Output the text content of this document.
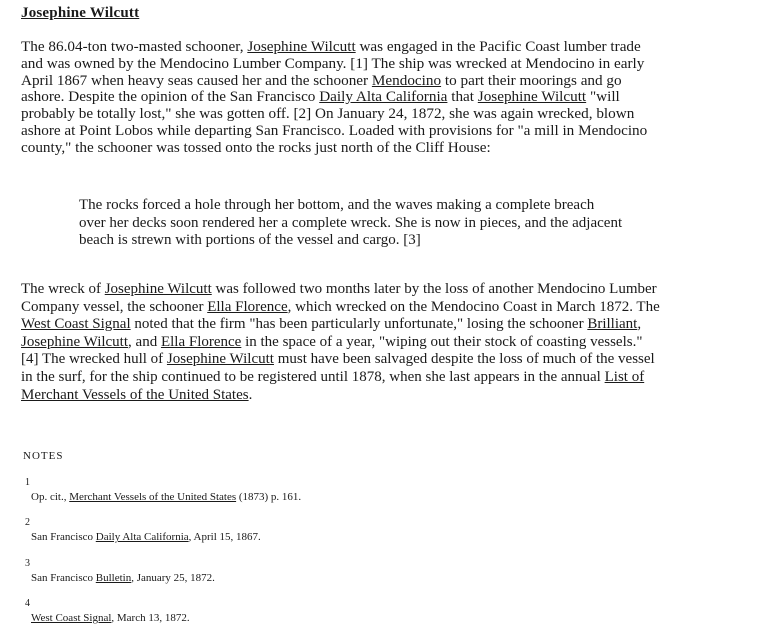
Josephine Wilcutt

The 86.04-ton two-masted schooner, Josephine Wilcutt was engaged in the Pacific Coast lumber trade and was owned by the Mendocino Lumber Company. [1] The ship was wrecked at Mendocino in early April 1867 when heavy seas caused her and the schooner Mendocino to part their moorings and go ashore. Despite the opinion of the San Francisco Daily Alta California that Josephine Wilcutt "will probably be totally lost," she was gotten off. [2] On January 24, 1872, she was again wrecked, blown ashore at Point Lobos while departing San Francisco. Loaded with provisions for "a mill in Mendocino county," the schooner was tossed onto the rocks just north of the Cliff House:

The rocks forced a hole through her bottom, and the waves making a complete breach over her decks soon rendered her a complete wreck. She is now in pieces, and the adjacent beach is strewn with portions of the vessel and cargo. [3]

The wreck of Josephine Wilcutt was followed two months later by the loss of another Mendocino Lumber Company vessel, the schooner Ella Florence, which wrecked on the Mendocino Coast in March 1872. The West Coast Signal noted that the firm "has been particularly unfortunate," losing the schooner Brilliant, Josephine Wilcutt, and Ella Florence in the space of a year, "wiping out their stock of coasting vessels." [4] The wrecked hull of Josephine Wilcutt must have been salvaged despite the loss of much of the vessel in the surf, for the ship continued to be registered until 1878, when she last appears in the annual List of Merchant Vessels of the United States.

NOTES
1
Op. cit., Merchant Vessels of the United States (1873) p. 161.
2
San Francisco Daily Alta California, April 15, 1867.
3
San Francisco Bulletin, January 25, 1872.
4
West Coast Signal, March 13, 1872.
